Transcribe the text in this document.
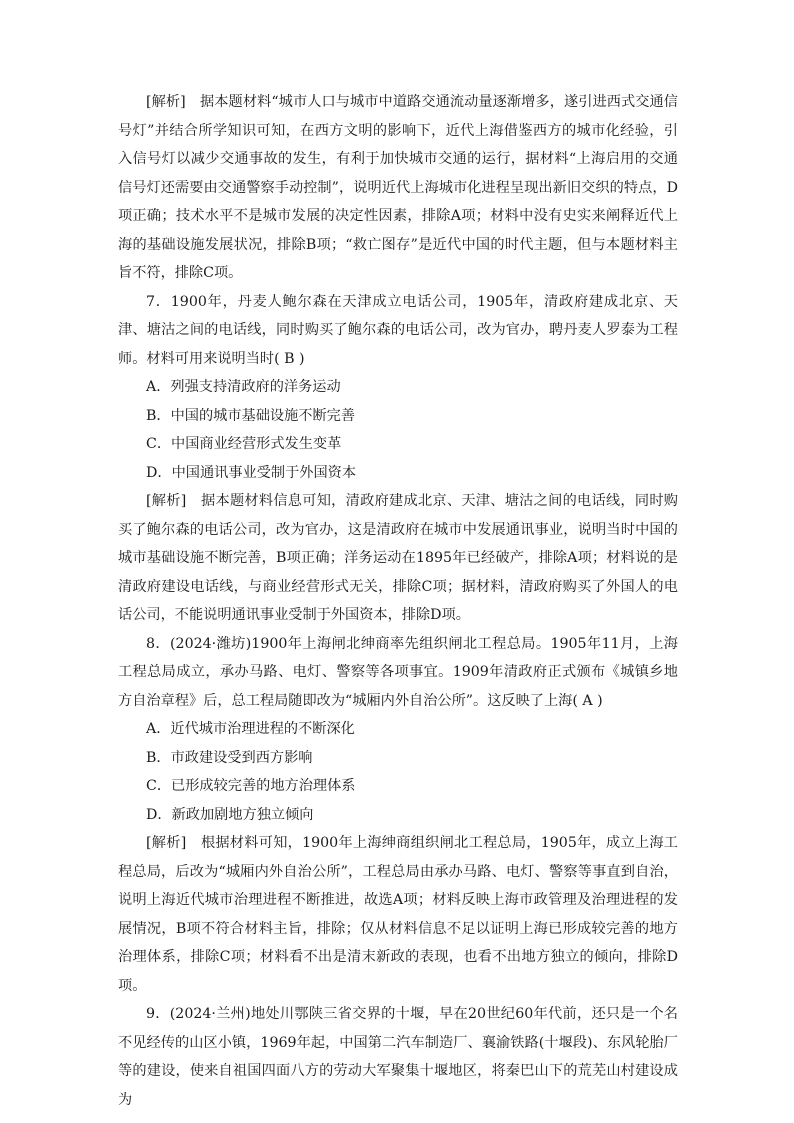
[解析]　据本题材料“城市人口与城市中道路交通流动量逐渐增多，遂引进西式交通信号灯”并结合所学知识可知，在西方文明的影响下，近代上海借鉴西方的城市化经验，引入信号灯以减少交通事故的发生，有利于加快城市交通的运行，据材料“上海启用的交通信号灯还需要由交通警察手动控制”，说明近代上海城市化进程呈现出新旧交织的特点，D项正确；技术水平不是城市发展的决定性因素，排除A项；材料中没有史实来阐释近代上海的基础设施发展状况，排除B项；“救亡图存”是近代中国的时代主题，但与本题材料主旨不符，排除C项。

7．1900年，丹麦人鲍尔森在天津成立电话公司，1905年，清政府建成北京、天津、塘沽之间的电话线，同时购买了鲍尔森的电话公司，改为官办，聘丹麦人罗泰为工程师。材料可用来说明当时( B )

A．列强支持清政府的洋务运动

B．中国的城市基础设施不断完善

C．中国商业经营形式发生变革

D．中国通讯事业受制于外国资本

[解析]　据本题材料信息可知，清政府建成北京、天津、塘沽之间的电话线，同时购买了鲍尔森的电话公司，改为官办，这是清政府在城市中发展通讯事业，说明当时中国的城市基础设施不断完善，B项正确；洋务运动在1895年已经破产，排除A项；材料说的是清政府建设电话线，与商业经营形式无关，排除C项；据材料，清政府购买了外国人的电话公司，不能说明通讯事业受制于外国资本，排除D项。

8．(2024·潍坊)1900年上海闸北绅商率先组织闸北工程总局。1905年11月，上海工程总局成立，承办马路、电灯、警察等各项事宜。1909年清政府正式颁布《城镇乡地方自治章程》后，总工程局随即改为“城厢内外自治公所”。这反映了上海( A )

A．近代城市治理进程的不断深化

B．市政建设受到西方影响

C．已形成较完善的地方治理体系

D．新政加剧地方独立倾向

[解析]　根据材料可知，1900年上海绅商组织闸北工程总局，1905年，成立上海工程总局，后改为“城厢内外自治公所”，工程总局由承办马路、电灯、警察等事直到自治，说明上海近代城市治理进程不断推进，故选A项；材料反映上海市政管理及治理进程的发展情况，B项不符合材料主旨，排除；仅从材料信息不足以证明上海已形成较完善的地方治理体系，排除C项；材料看不出是清末新政的表现，也看不出地方独立的倾向，排除D项。

9．(2024·兰州)地处川鄂陕三省交界的十堰，早在20世纪60年代前，还只是一个名不见经传的山区小镇，1969年起，中国第二汽车制造厂、襄渝铁路(十堰段)、东风轮胎厂等的建设，使来自祖国四面八方的劳动大军聚集十堰地区，将秦巴山下的荒芜山村建设成为
